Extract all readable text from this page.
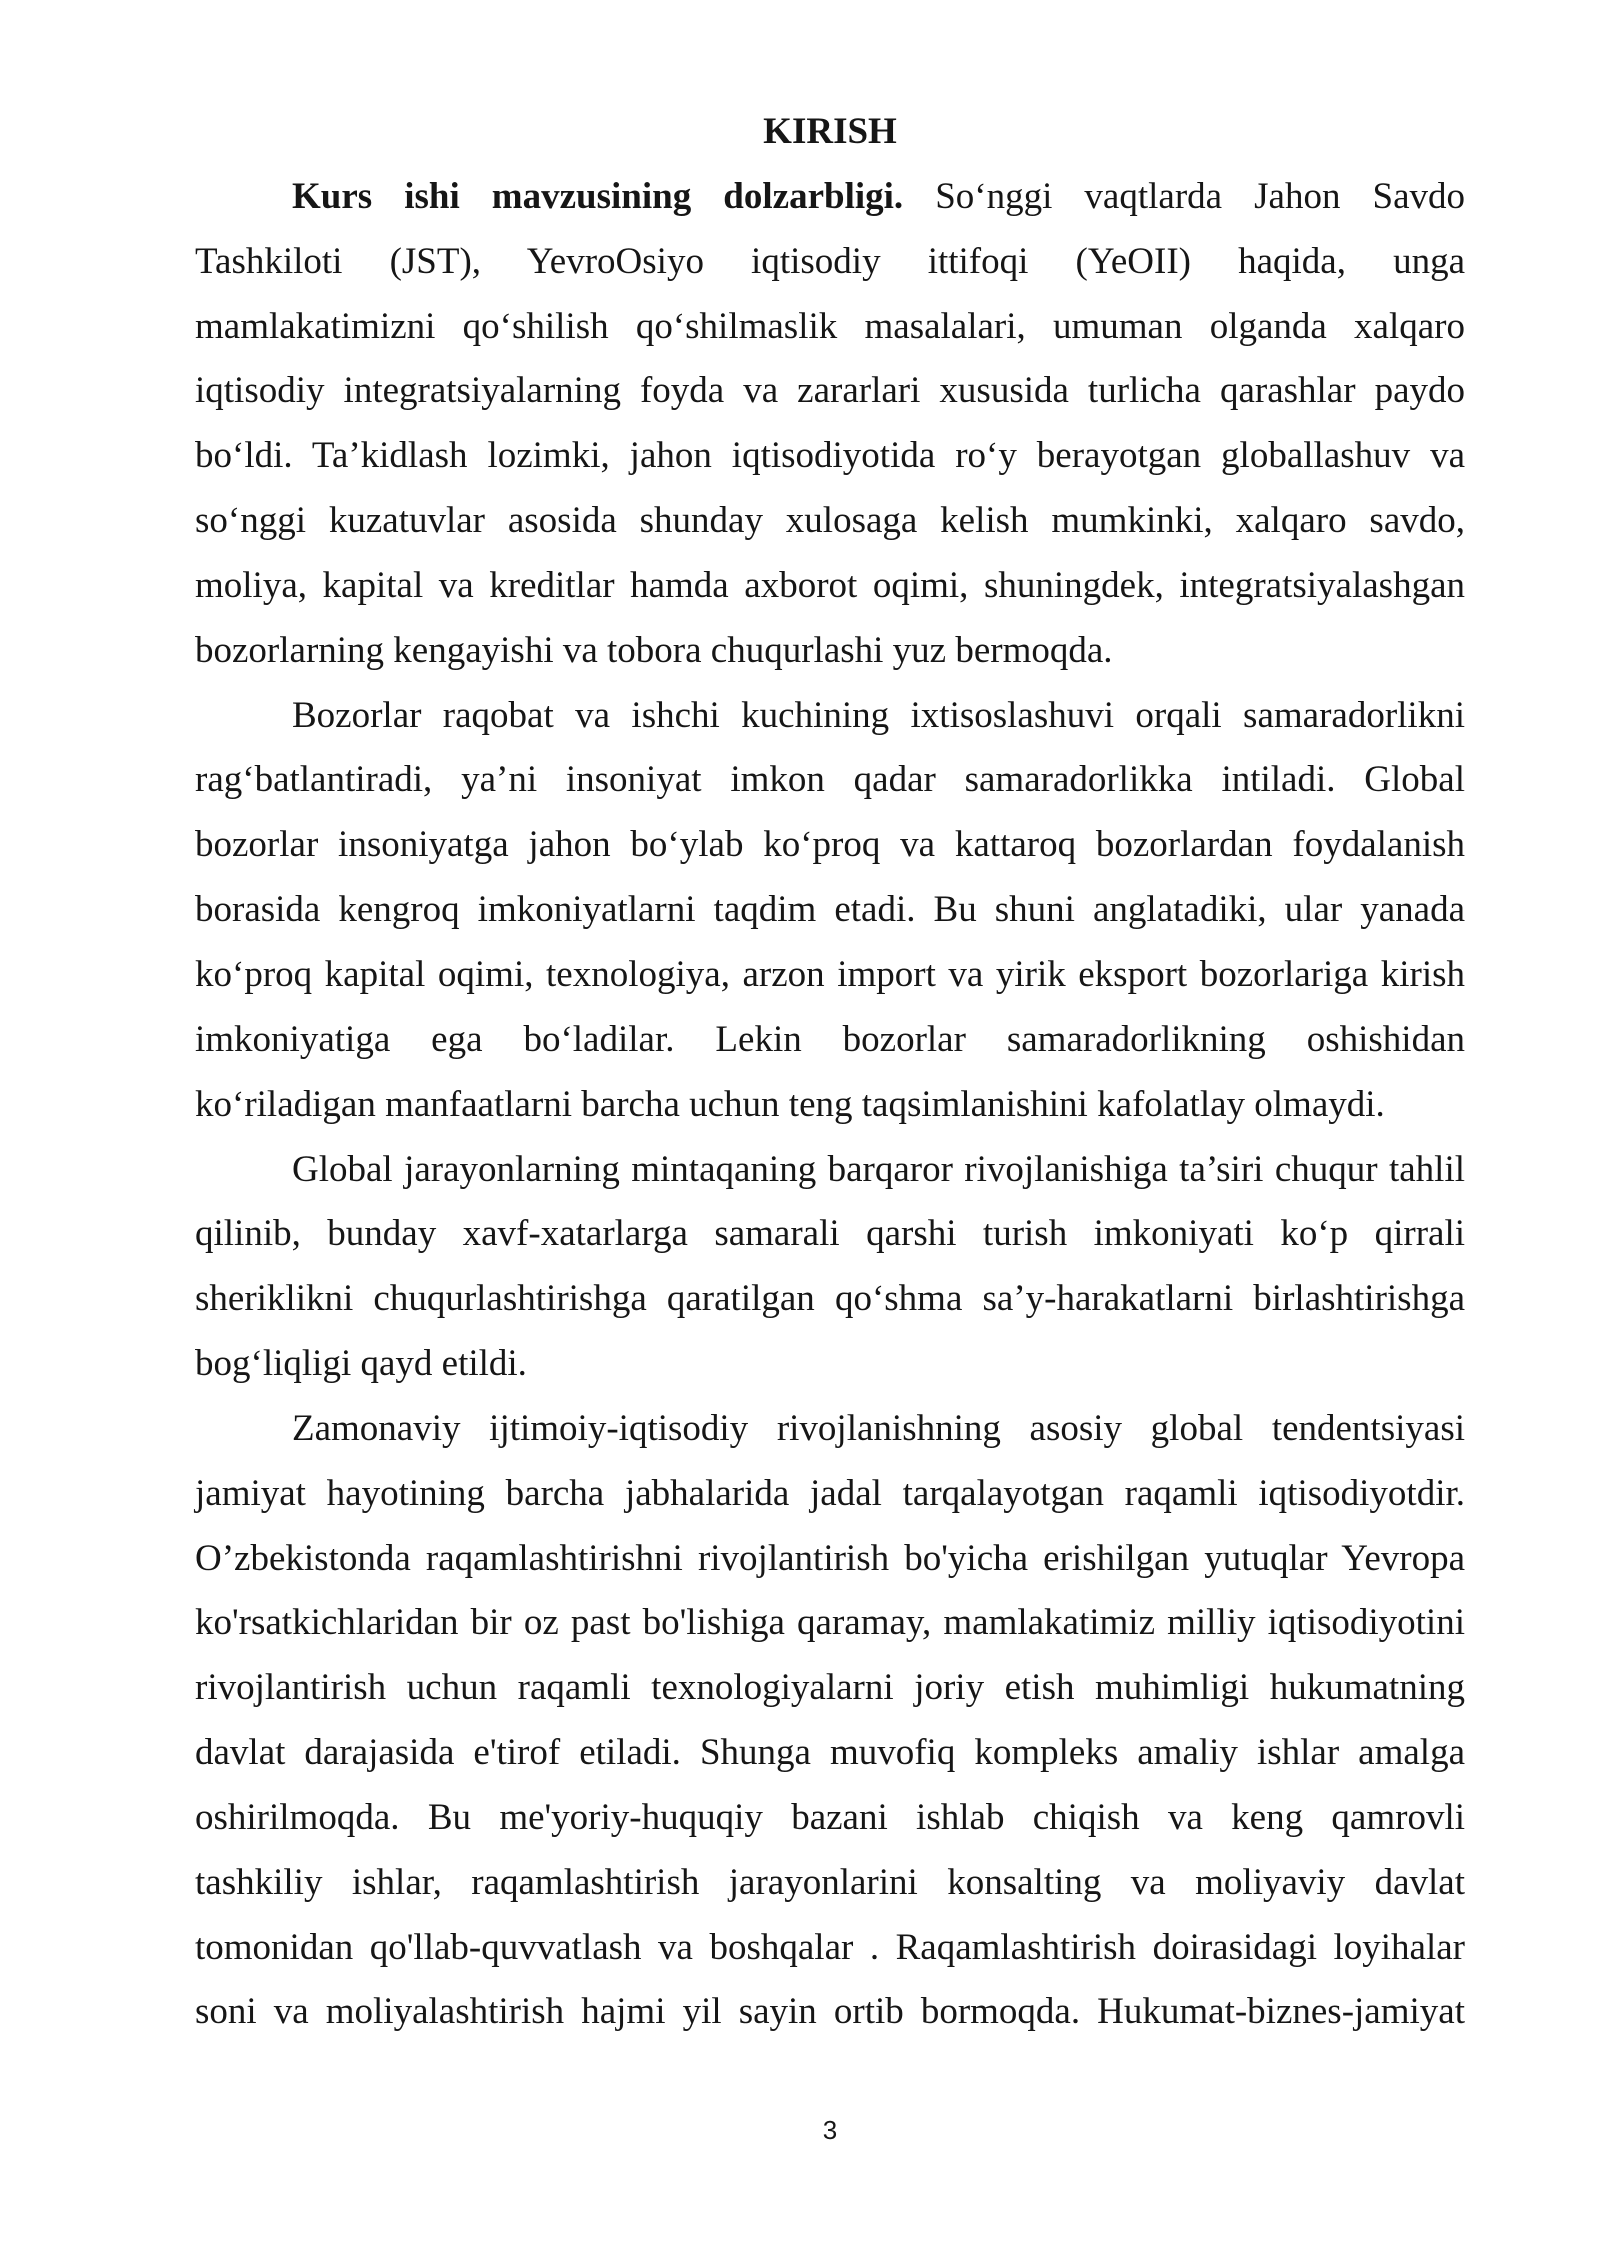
KIRISH
Kurs ishi mavzusining dolzarbligi. So‘nggi vaqtlarda Jahon Savdo
Tashkiloti (JST), YevroOsiyo iqtisodiy ittifoqi (YeOII) haqida, unga
mamlakatimizni qo‘shilish qo‘shilmaslik masalalari, umuman olganda xalqaro
iqtisodiy integratsiyalarning foyda va zararlari xususida turlicha qarashlar paydo
bo‘ldi. Ta’kidlash lozimki, jahon iqtisodiyotida ro‘y berayotgan globallashuv va
so‘nggi kuzatuvlar asosida shunday xulosaga kelish mumkinki, xalqaro savdo,
moliya, kapital va kreditlar hamda axborot oqimi, shuningdek, integratsiyalashgan
bozorlarning kengayishi va tobora chuqurlashi yuz bermoqda.
Bozorlar raqobat va ishchi kuchining ixtisoslashuvi orqali samaradorlikni
rag‘batlantiradi, ya’ni insoniyat imkon qadar samaradorlikka intiladi. Global
bozorlar insoniyatga jahon bo‘ylab ko‘proq va kattaroq bozorlardan foydalanish
borasida kengroq imkoniyatlarni taqdim etadi. Bu shuni anglatadiki, ular yanada
ko‘proq kapital oqimi, texnologiya, arzon import va yirik eksport bozorlariga kirish
imkoniyatiga ega bo‘ladilar. Lekin bozorlar samaradorlikning oshishidan
ko‘riladigan manfaatlarni barcha uchun teng taqsimlanishini kafolatlay olmaydi.
Global jarayonlarning mintaqaning barqaror rivojlanishiga ta’siri chuqur tahlil
qilinib, bunday xavf-xatarlarga samarali qarshi turish imkoniyati ko‘p qirrali
sheriklikni chuqurlashtirishga qaratilgan qo‘shma sa’y-harakatlarni birlashtirishga
bog‘liqligi qayd etildi.
Zamonaviy ijtimoiy-iqtisodiy rivojlanishning asosiy global tendentsiyasi
jamiyat hayotining barcha jabhalarida jadal tarqalayotgan raqamli iqtisodiyotdir.
O’zbekistonda raqamlashtirishni rivojlantirish bo'yicha erishilgan yutuqlar Yevropa
ko'rsatkichlaridan bir oz past bo'lishiga qaramay, mamlakatimiz milliy iqtisodiyotini
rivojlantirish uchun raqamli texnologiyalarni joriy etish muhimligi hukumatning
davlat darajasida e'tirof etiladi. Shunga muvofiq kompleks amaliy ishlar amalga
oshirilmoqda. Bu me'yoriy-huquqiy bazani ishlab chiqish va keng qamrovli
tashkiliy ishlar, raqamlashtirish jarayonlarini konsalting va moliyaviy davlat
tomonidan qo'llab-quvvatlash va boshqalar . Raqamlashtirish doirasidagi loyihalar
soni va moliyalashtirish hajmi yil sayin ortib bormoqda. Hukumat-biznes-jamiyat
3
